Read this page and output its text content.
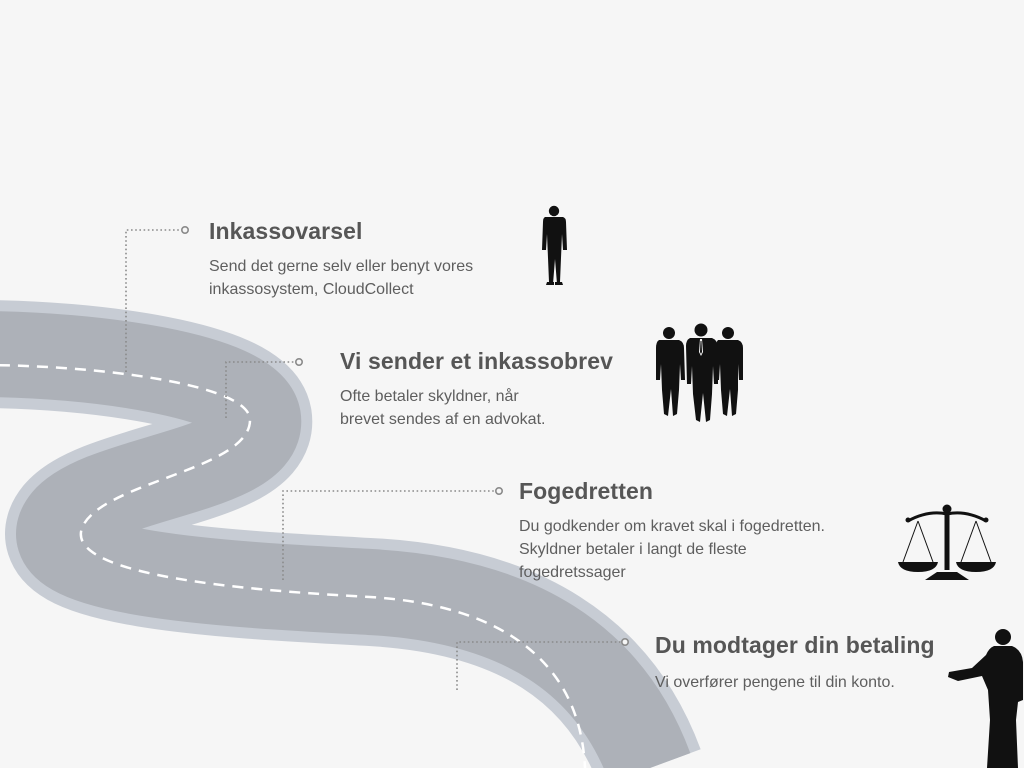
Inkassovarsel

Send det gerne selv eller benyt vores
inkassosystem, CloudCollect

Vi sender et inkassobrev

Ofte betaler skyldner, når
brevet sendes af en advokat.

Fogedretten

Du godkender om kravet skal i fogedretten.
Skyldner betaler i langt de fleste
fogedretssager

Du modtager din betaling

Vi overfører pengene til din konto.
